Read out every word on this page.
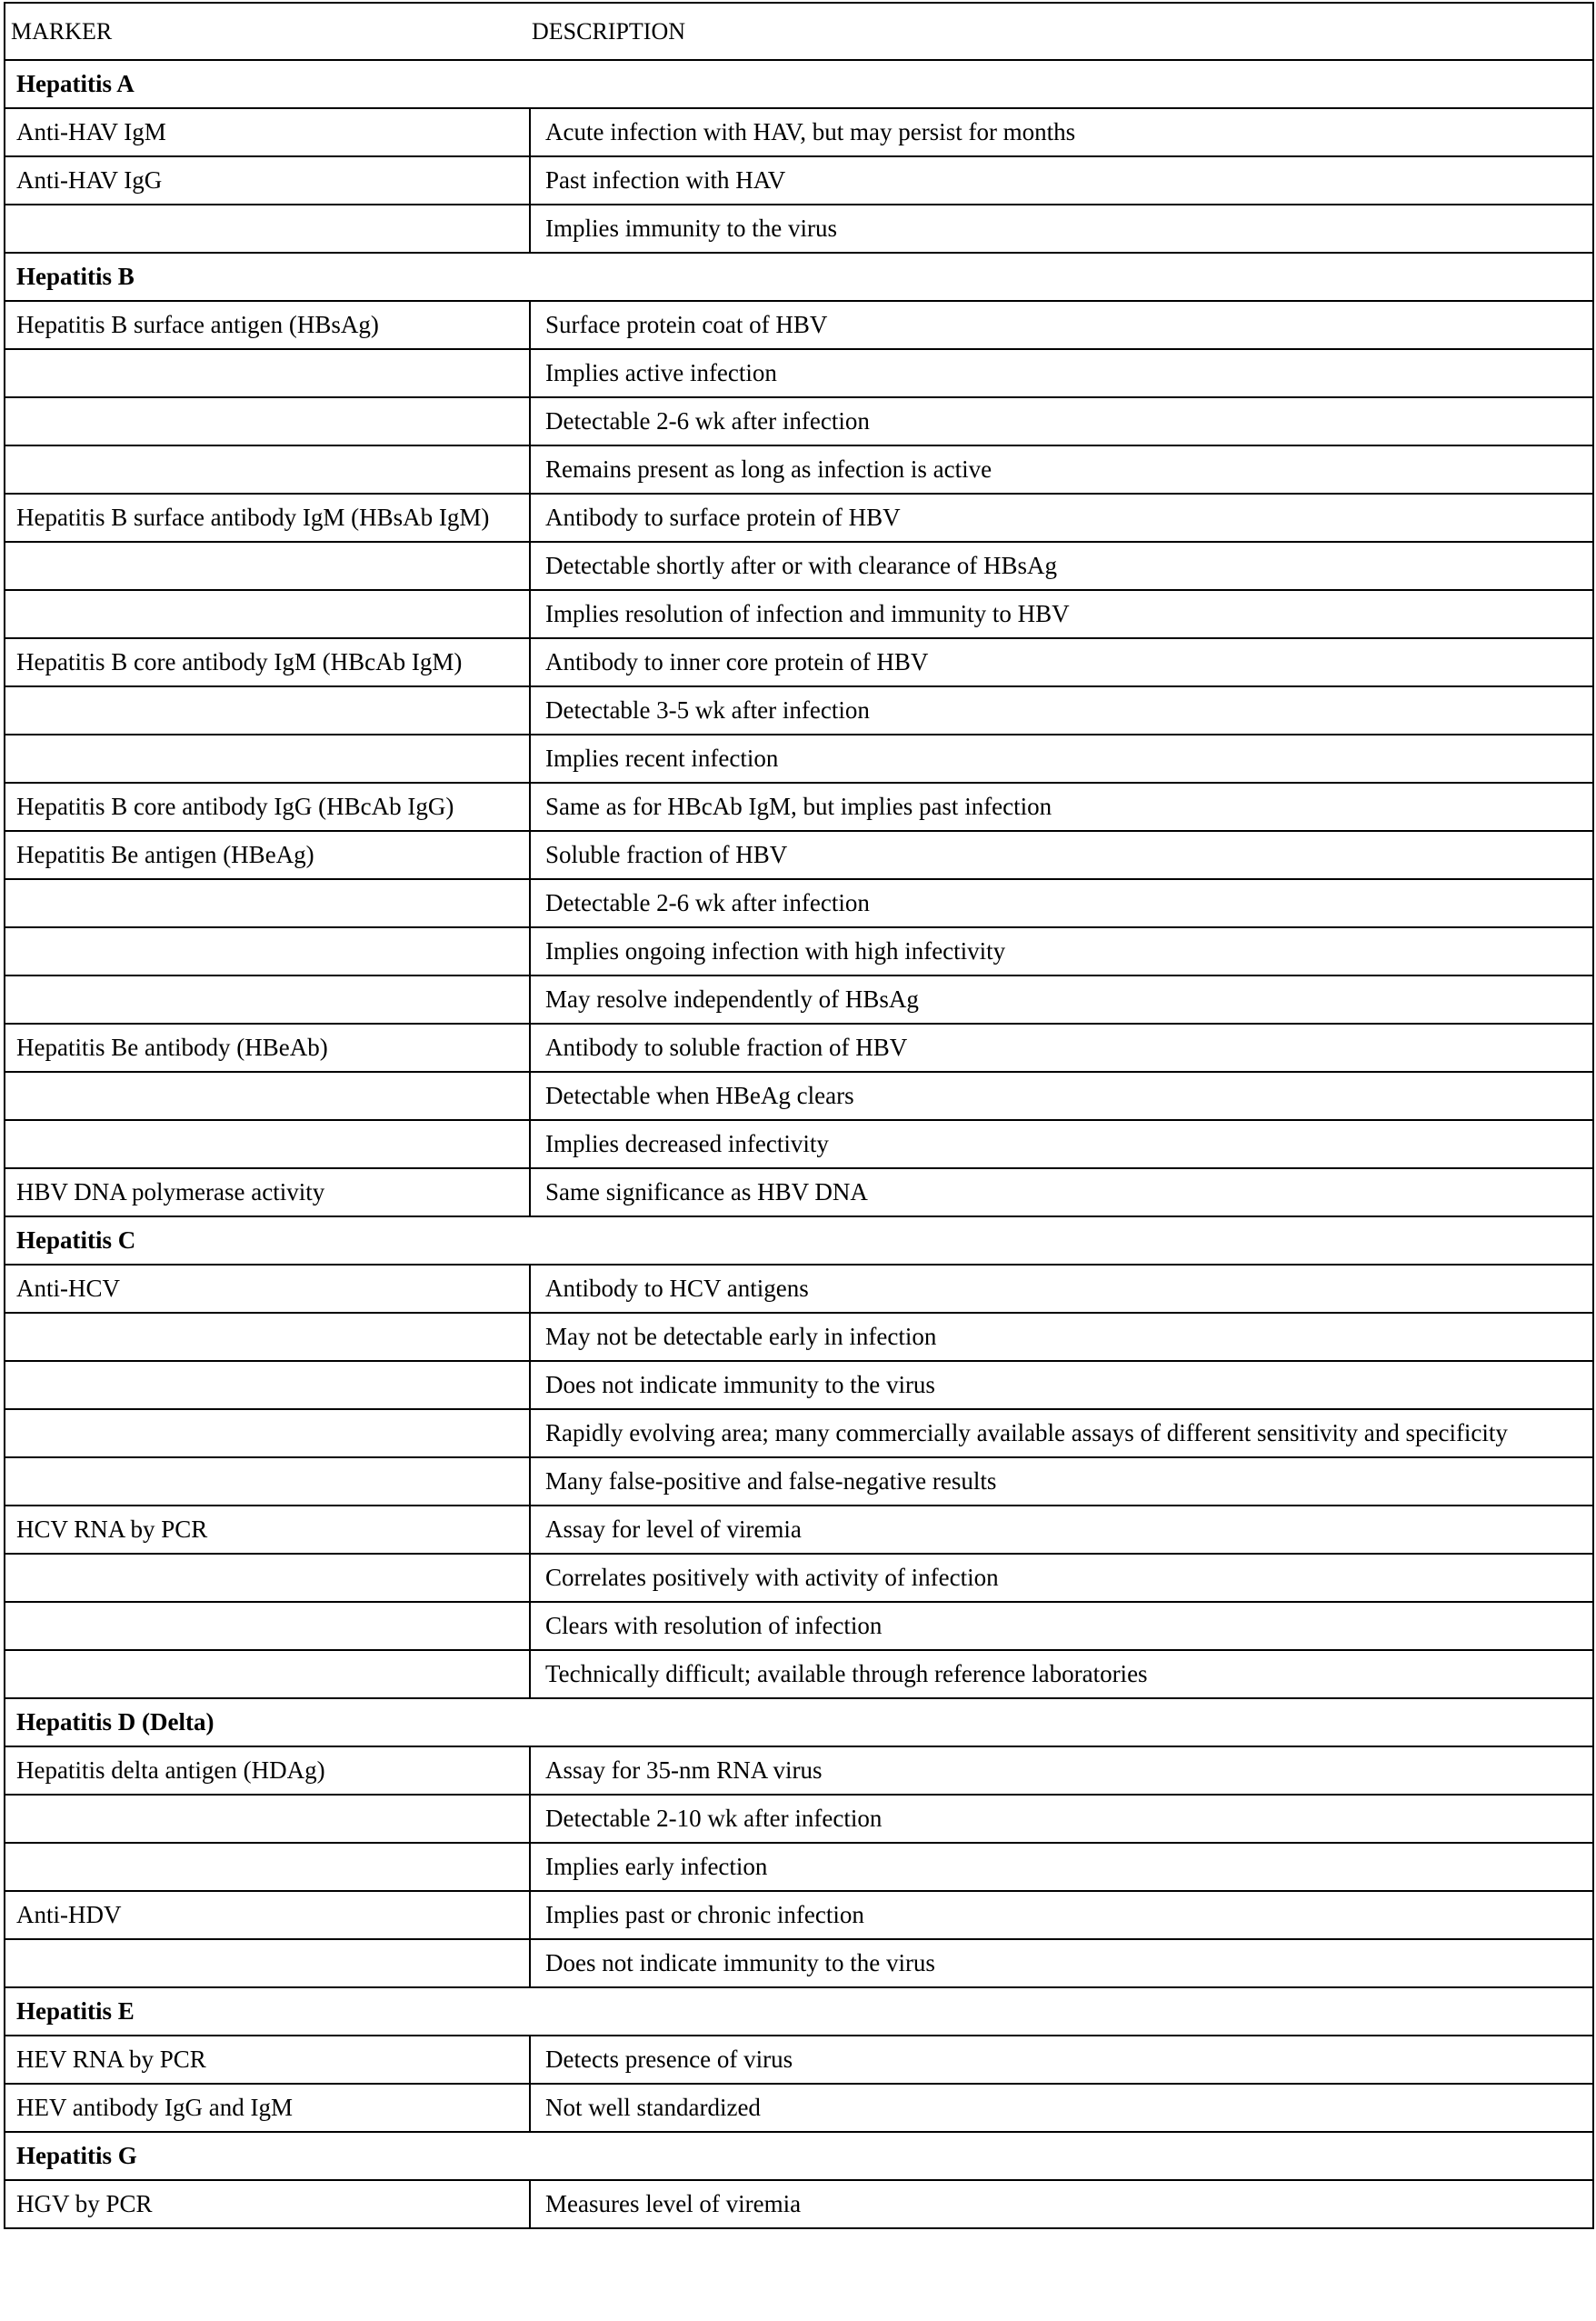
MARKER	DESCRIPTION
Hepatitis A	
Anti-HAV IgM	Acute infection with HAV, but may persist for months
Anti-HAV IgG	Past infection with HAV
	Implies immunity to the virus
Hepatitis B	
Hepatitis B surface antigen (HBsAg)	Surface protein coat of HBV
	Implies active infection
	Detectable 2-6 wk after infection
	Remains present as long as infection is active
Hepatitis B surface antibody IgM (HBsAb IgM)	Antibody to surface protein of HBV
	Detectable shortly after or with clearance of HBsAg
	Implies resolution of infection and immunity to HBV
Hepatitis B core antibody IgM (HBcAb IgM)	Antibody to inner core protein of HBV
	Detectable 3-5 wk after infection
	Implies recent infection
Hepatitis B core antibody IgG (HBcAb IgG)	Same as for HBcAb IgM, but implies past infection
Hepatitis Be antigen (HBeAg)	Soluble fraction of HBV
	Detectable 2-6 wk after infection
	Implies ongoing infection with high infectivity
	May resolve independently of HBsAg
Hepatitis Be antibody (HBeAb)	Antibody to soluble fraction of HBV
	Detectable when HBeAg clears
	Implies decreased infectivity
HBV DNA polymerase activity	Same significance as HBV DNA
Hepatitis C	
Anti-HCV	Antibody to HCV antigens
	May not be detectable early in infection
	Does not indicate immunity to the virus
	Rapidly evolving area; many commercially available assays of different sensitivity and specificity
	Many false-positive and false-negative results
HCV RNA by PCR	Assay for level of viremia
	Correlates positively with activity of infection
	Clears with resolution of infection
	Technically difficult; available through reference laboratories
Hepatitis D (Delta)	
Hepatitis delta antigen (HDAg)	Assay for 35-nm RNA virus
	Detectable 2-10 wk after infection
	Implies early infection
Anti-HDV	Implies past or chronic infection
	Does not indicate immunity to the virus
Hepatitis E	
HEV RNA by PCR	Detects presence of virus
HEV antibody IgG and IgM	Not well standardized
Hepatitis G	
HGV by PCR	Measures level of viremia
